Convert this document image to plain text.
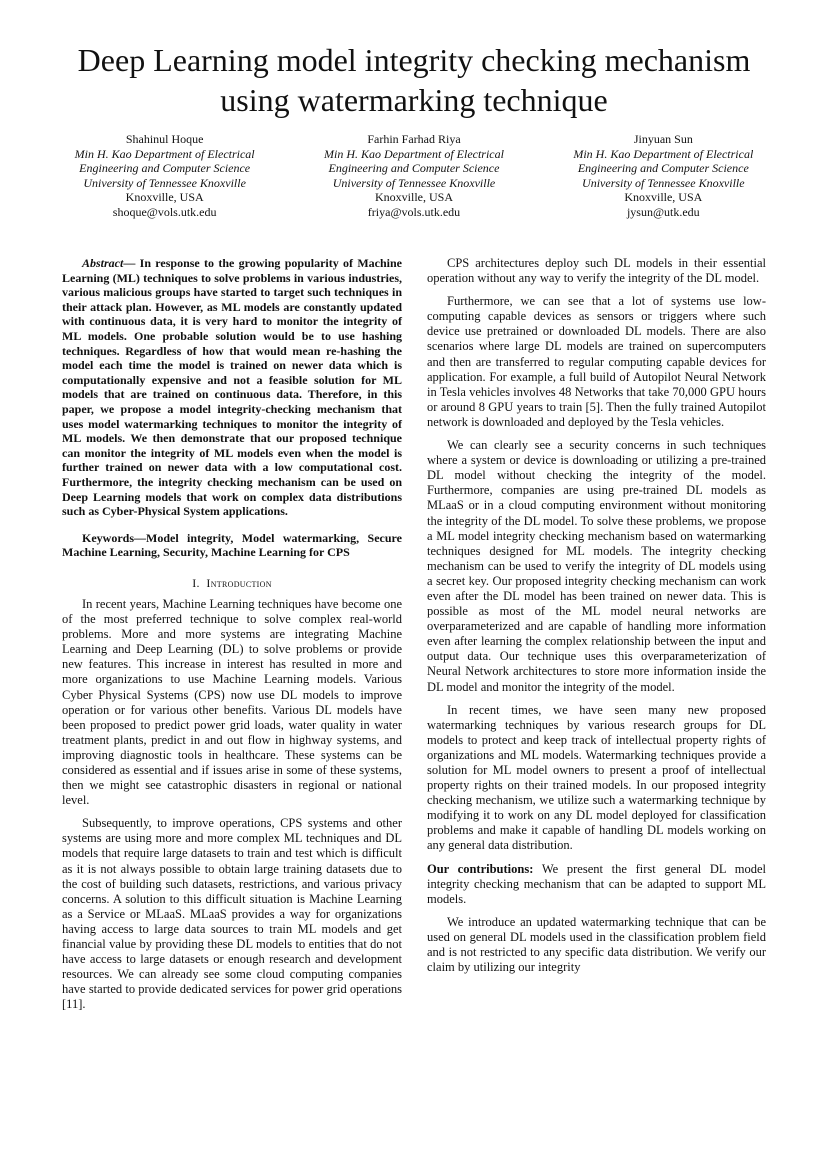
Deep Learning model integrity checking mechanism using watermarking technique
Shahinul Hoque
Min H. Kao Department of Electrical
Engineering and Computer Science
University of Tennessee Knoxville
Knoxville, USA
shoque@vols.utk.edu
Farhin Farhad Riya
Min H. Kao Department of Electrical
Engineering and Computer Science
University of Tennessee Knoxville
Knoxville, USA
friya@vols.utk.edu
Jinyuan Sun
Min H. Kao Department of Electrical
Engineering and Computer Science
University of Tennessee Knoxville
Knoxville, USA
jysun@utk.edu

Abstract— In response to the growing popularity of Machine Learning (ML) techniques to solve problems in various industries, various malicious groups have started to target such techniques in their attack plan. However, as ML models are constantly updated with continuous data, it is very hard to monitor the integrity of ML models. One probable solution would be to use hashing techniques. Regardless of how that would mean re-hashing the model each time the model is trained on newer data which is computationally expensive and not a feasible solution for ML models that are trained on continuous data. Therefore, in this paper, we propose a model integrity-checking mechanism that uses model watermarking techniques to monitor the integrity of ML models. We then demonstrate that our proposed technique can monitor the integrity of ML models even when the model is further trained on newer data with a low computational cost. Furthermore, the integrity checking mechanism can be used on Deep Learning models that work on complex data distributions such as Cyber-Physical System applications.

Keywords—Model integrity, Model watermarking, Secure Machine Learning, Security, Machine Learning for CPS

I. Introduction

In recent years, Machine Learning techniques have become one of the most preferred technique to solve complex real-world problems. More and more systems are integrating Machine Learning and Deep Learning (DL) to solve problems or provide new features. This increase in interest has resulted in more and more organizations to use Machine Learning models. Various Cyber Physical Systems (CPS) now use DL models to improve operation or for various other benefits. Various DL models have been proposed to predict power grid loads, water quality in water treatment plants, predict in and out flow in highway systems, and improving diagnostic tools in healthcare. These systems can be considered as essential and if issues arise in some of these systems, then we might see catastrophic disasters in regional or national level.

Subsequently, to improve operations, CPS systems and other systems are using more and more complex ML techniques and DL models that require large datasets to train and test which is difficult as it is not always possible to obtain large training datasets due to the cost of building such datasets, restrictions, and various privacy concerns. A solution to this difficult situation is Machine Learning as a Service or MLaaS. MLaaS provides a way for organizations having access to large data sources to train ML models and get financial value by providing these DL models to entities that do not have access to large datasets or enough research and development resources. We can already see some cloud computing companies have started to provide dedicated services for power grid operations [11].

CPS architectures deploy such DL models in their essential operation without any way to verify the integrity of the DL model.

Furthermore, we can see that a lot of systems use low-computing capable devices as sensors or triggers where such device use pretrained or downloaded DL models. There are also scenarios where large DL models are trained on supercomputers and then are transferred to regular computing capable devices for application. For example, a full build of Autopilot Neural Network in Tesla vehicles involves 48 Networks that take 70,000 GPU hours or around 8 GPU years to train [5]. Then the fully trained Autopilot network is downloaded and deployed by the Tesla vehicles.

We can clearly see a security concerns in such techniques where a system or device is downloading or utilizing a pre-trained DL model without checking the integrity of the model. Furthermore, companies are using pre-trained DL models as MLaaS or in a cloud computing environment without monitoring the integrity of the DL model. To solve these problems, we propose a ML model integrity checking mechanism based on watermarking techniques designed for ML models. The integrity checking mechanism can be used to verify the integrity of DL models using a secret key. Our proposed integrity checking mechanism can work even after the DL model has been trained on newer data. This is possible as most of the ML model neural networks are overparameterized and are capable of handling more information even after learning the complex relationship between the input and output data. Our technique uses this overparameterization of Neural Network architectures to store more information inside the DL model and monitor the integrity of the model.

In recent times, we have seen many new proposed watermarking techniques by various research groups for DL models to protect and keep track of intellectual property rights of organizations and ML models. Watermarking techniques provide a solution for ML model owners to present a proof of intellectual property rights on their trained models. In our proposed integrity checking mechanism, we utilize such a watermarking technique by modifying it to work on any DL model deployed for classification problems and make it capable of handling DL models working on any general data distribution.

Our contributions: We present the first general DL model integrity checking mechanism that can be adapted to support ML models.

We introduce an updated watermarking technique that can be used on general DL models used in the classification problem field and is not restricted to any specific data distribution. We verify our claim by utilizing our integrity
